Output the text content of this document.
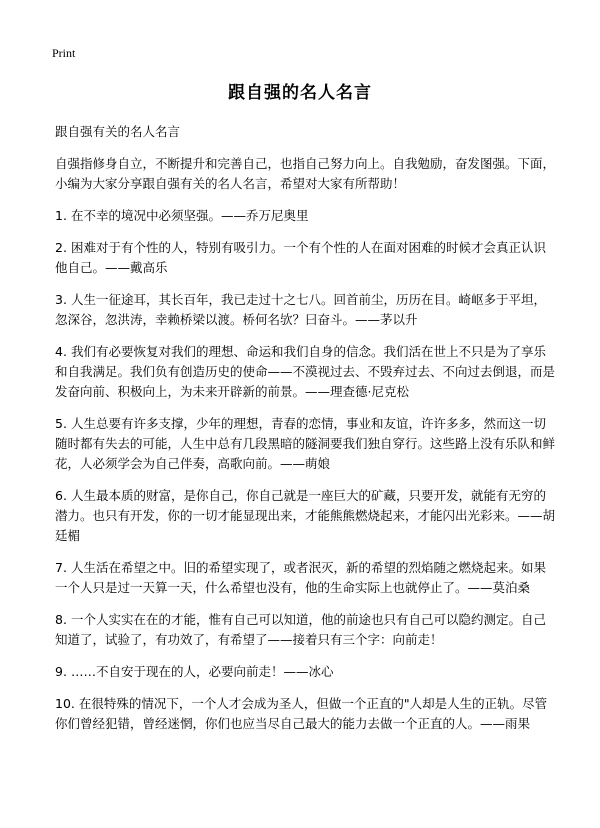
Print
跟自强的名人名言

跟自强有关的名人名言

自强指修身自立，不断提升和完善自己，也指自己努力向上。自我勉励，奋发图强。下面，小编为大家分享跟自强有关的名人名言，希望对大家有所帮助！

1. 在不幸的境况中必须坚强。——乔万尼奥里
2. 困难对于有个性的人，特别有吸引力。一个有个性的人在面对困难的时候才会真正认识他自己。——戴高乐
3. 人生一征途耳，其长百年，我已走过十之七八。回首前尘，历历在目。崎岖多于平坦，忽深谷，忽洪涛，幸赖桥梁以渡。桥何名欤？曰奋斗。——茅以升
4. 我们有必要恢复对我们的理想、命运和我们自身的信念。我们活在世上不只是为了享乐和自我满足。我们负有创造历史的使命——不漠视过去、不毁弃过去、不向过去倒退，而是发奋向前、积极向上，为未来开辟新的前景。——理查德·尼克松
5. 人生总要有许多支撑，少年的理想，青春的恋情，事业和友谊，许许多多，然而这一切随时都有失去的可能，人生中总有几段黑暗的隧洞要我们独自穿行。这些路上没有乐队和鲜花，人必须学会为自己伴奏，高歌向前。——萌娘
6. 人生最本质的财富，是你自己，你自己就是一座巨大的矿藏，只要开发，就能有无穷的潜力。也只有开发，你的一切才能显现出来，才能熊熊燃烧起来，才能闪出光彩来。——胡廷楣
7. 人生活在希望之中。旧的希望实现了，或者泯灭，新的希望的烈焰随之燃烧起来。如果一个人只是过一天算一天，什么希望也没有，他的生命实际上也就停止了。——莫泊桑
8. 一个人实实在在的才能，惟有自己可以知道，他的前途也只有自己可以隐约测定。自己知道了，试验了，有功效了，有希望了——接着只有三个字：向前走！
9. ……不自安于现在的人，必要向前走！——冰心
10. 在很特殊的情况下，一个人才会成为圣人，但做一个正直的"人却是人生的正轨。尽管你们曾经犯错，曾经迷惘，你们也应当尽自己最大的能力去做一个正直的人。——雨果
